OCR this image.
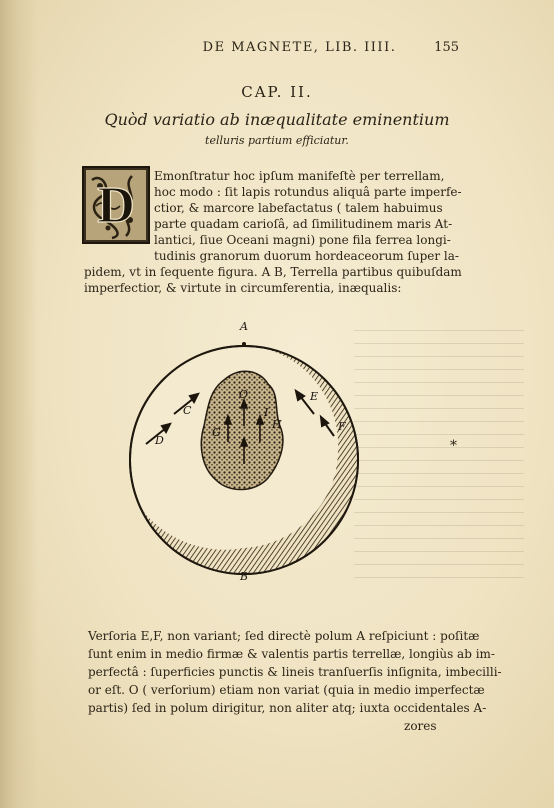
DE MAGNETE, LIB. IIII.	155
CAP. II.
Quòd variatio ab inæqualitate eminentium
telluris partium efficiatur.
D
Emonſtratur hoc ipſum manifeſtè per terrellam,
hoc modo : ſit lapis rotundus aliquâ parte imperfe-
ctior, & marcore labefactatus ( talem habuimus
parte quadam carioſâ, ad ſimilitudinem maris At-
lantici, ſiue Oceani magni) pone fila ferrea longi-
tudinis granorum duorum hordeaceorum ſuper la-
pidem, vt in ſequente figura. A B, Terrella partibus quibuſdam
imperfectior, & virtute in circumferentia, inæqualis:
A
B
C
D
E
F
H
O
G
I
*
Verſoria E,F, non variant; ſed directè polum A reſpiciunt : poſitæ
ſunt enim in medio firmæ & valentis partis terrellæ, longiùs ab im-
perfectâ : ſuperficies punctis & lineis tranſuerſis inſignita, imbecilli-
or eſt. O ( verſorium) etiam non variat (quia in medio imperfectæ
partis) ſed in polum dirigitur, non aliter atq; iuxta occidentales A-
zores
